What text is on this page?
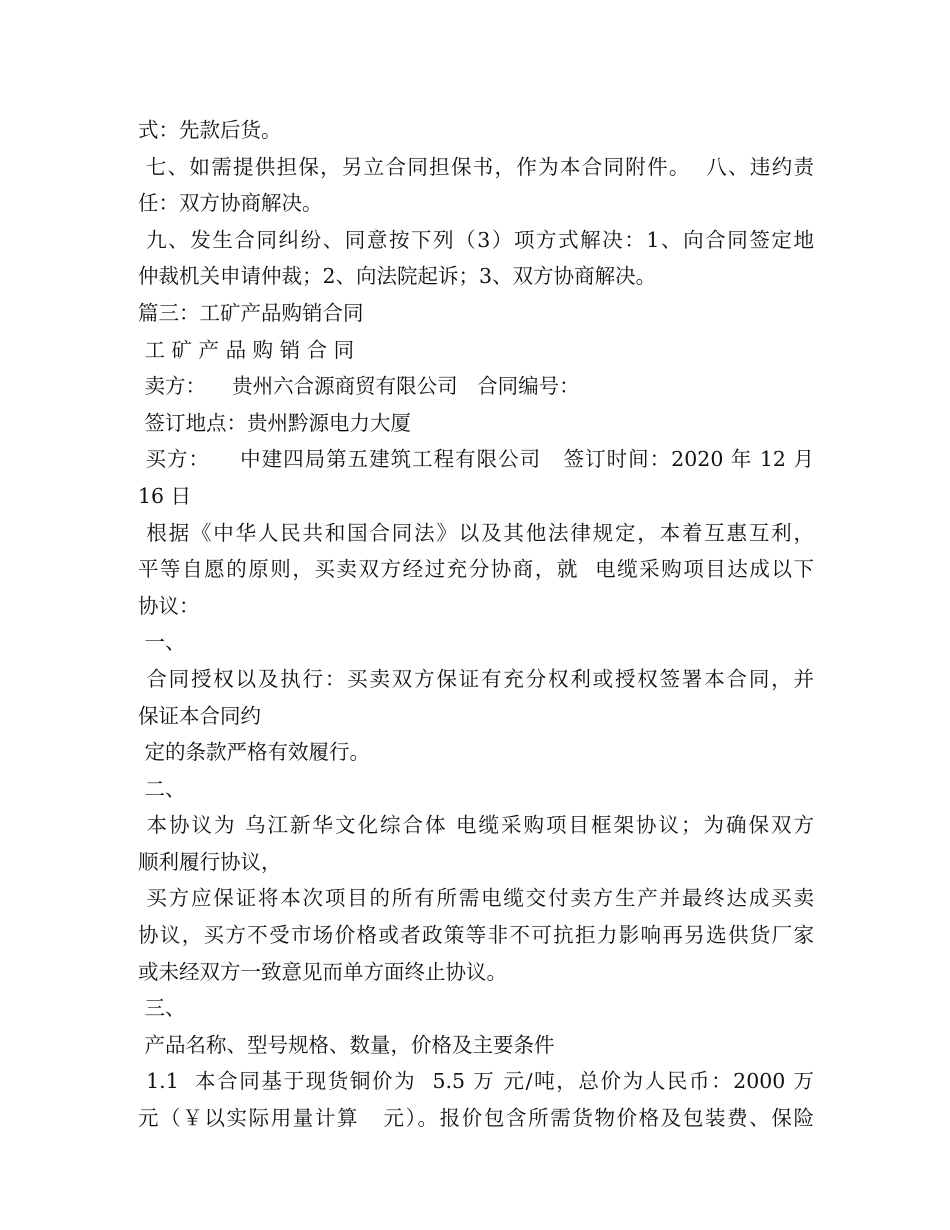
式：先款后货。

七、如需提供担保，另立合同担保书，作为本合同附件。  八、违约责

任：双方协商解决。

九、发生合同纠纷、同意按下列（3）项方式解决：1、向合同签定地

仲裁机关申请仲裁；2、向法院起诉；3、双方协商解决。

篇三：工矿产品购销合同

工 矿 产 品 购 销 合 同

卖方：    贵州六合源商贸有限公司   合同编号：

签订地点：贵州黔源电力大厦

买方：    中建四局第五建筑工程有限公司   签订时间：2020 年 12 月

16 日

根据《中华人民共和国合同法》以及其他法律规定，本着互惠互利，

平等自愿的原则，买卖双方经过充分协商，就  电缆采购项目达成以下

协议：

一、

合同授权以及执行：买卖双方保证有充分权利或授权签署本合同，并

保证本合同约

定的条款严格有效履行。

二、

本协议为 乌江新华文化综合体 电缆采购项目框架协议；为确保双方

顺利履行协议，

买方应保证将本次项目的所有所需电缆交付卖方生产并最终达成买卖

协议，买方不受市场价格或者政策等非不可抗拒力影响再另选供货厂家

或未经双方一致意见而单方面终止协议。

三、

产品名称、型号规格、数量，价格及主要条件

1.1  本合同基于现货铜价为  5.5 万 元/吨，总价为人民币：2000 万

元（￥以实际用量计算   元）。报价包含所需货物价格及包装费、保险
